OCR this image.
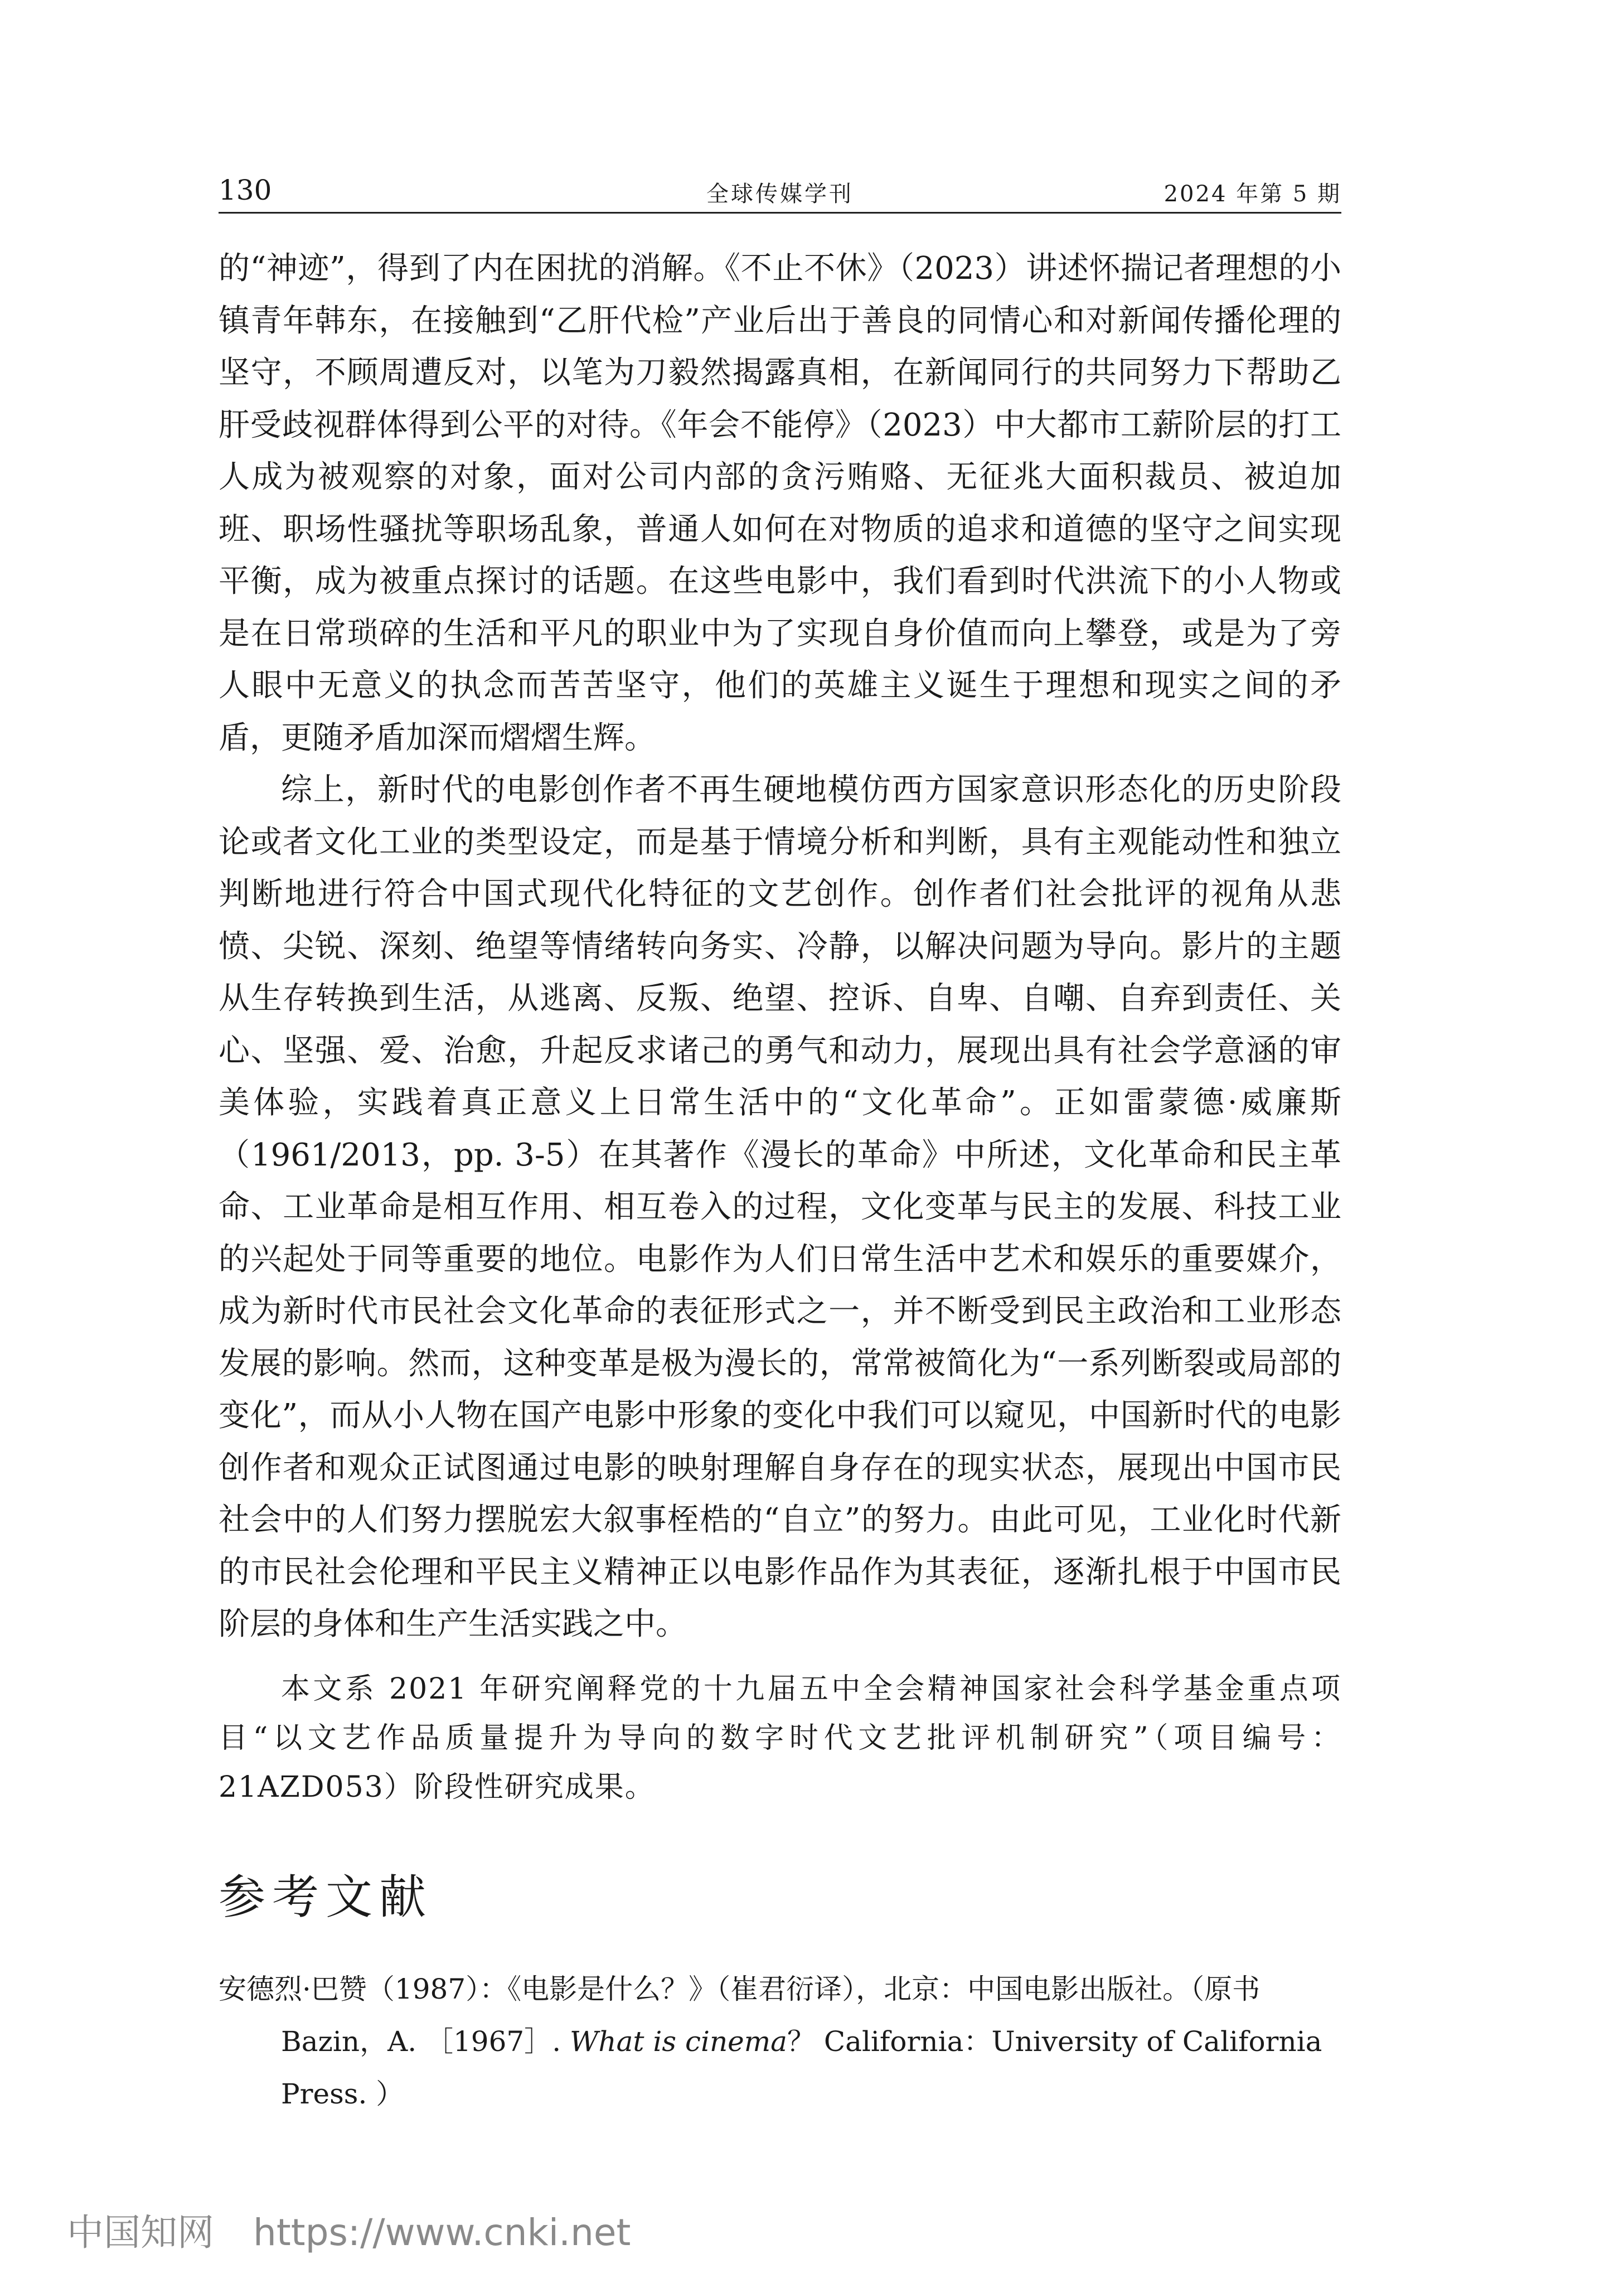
130	全球传媒学刊	2024 年第 5 期

的“神迹”，得到了内在困扰的消解。《不止不休》（2023）讲述怀揣记者理想的小镇青年韩东，在接触到“乙肝代检”产业后出于善良的同情心和对新闻传播伦理的坚守，不顾周遭反对，以笔为刀毅然揭露真相，在新闻同行的共同努力下帮助乙肝受歧视群体得到公平的对待。《年会不能停》（2023）中大都市工薪阶层的打工人成为被观察的对象，面对公司内部的贪污贿赂、无征兆大面积裁员、被迫加班、职场性骚扰等职场乱象，普通人如何在对物质的追求和道德的坚守之间实现平衡，成为被重点探讨的话题。在这些电影中，我们看到时代洪流下的小人物或是在日常琐碎的生活和平凡的职业中为了实现自身价值而向上攀登，或是为了旁人眼中无意义的执念而苦苦坚守，他们的英雄主义诞生于理想和现实之间的矛盾，更随矛盾加深而熠熠生辉。

综上，新时代的电影创作者不再生硬地模仿西方国家意识形态化的历史阶段论或者文化工业的类型设定，而是基于情境分析和判断，具有主观能动性和独立判断地进行符合中国式现代化特征的文艺创作。创作者们社会批评的视角从悲愤、尖锐、深刻、绝望等情绪转向务实、冷静，以解决问题为导向。影片的主题从生存转换到生活，从逃离、反叛、绝望、控诉、自卑、自嘲、自弃到责任、关心、坚强、爱、治愈，升起反求诸己的勇气和动力，展现出具有社会学意涵的审美体验，实践着真正意义上日常生活中的“文化革命”。正如雷蒙德·威廉斯（1961/2013，pp. 3-5）在其著作《漫长的革命》中所述，文化革命和民主革命、工业革命是相互作用、相互卷入的过程，文化变革与民主的发展、科技工业的兴起处于同等重要的地位。电影作为人们日常生活中艺术和娱乐的重要媒介，成为新时代市民社会文化革命的表征形式之一，并不断受到民主政治和工业形态发展的影响。然而，这种变革是极为漫长的，常常被简化为“一系列断裂或局部的变化”，而从小人物在国产电影中形象的变化中我们可以窥见，中国新时代的电影创作者和观众正试图通过电影的映射理解自身存在的现实状态，展现出中国市民社会中的人们努力摆脱宏大叙事桎梏的“自立”的努力。由此可见，工业化时代新的市民社会伦理和平民主义精神正以电影作品作为其表征，逐渐扎根于中国市民阶层的身体和生产生活实践之中。

本文系 2021 年研究阐释党的十九届五中全会精神国家社会科学基金重点项目“以文艺作品质量提升为导向的数字时代文艺批评机制研究”（项目编号：21AZD053）阶段性研究成果。
参考文献

安德烈·巴赞（1987）：《电影是什么？》（崔君衍译），北京：中国电影出版社。（原书
Bazin，A. ［1967］. What is cinema？ California：University of California Press. ）

中国知网 https://www.cnki.net
